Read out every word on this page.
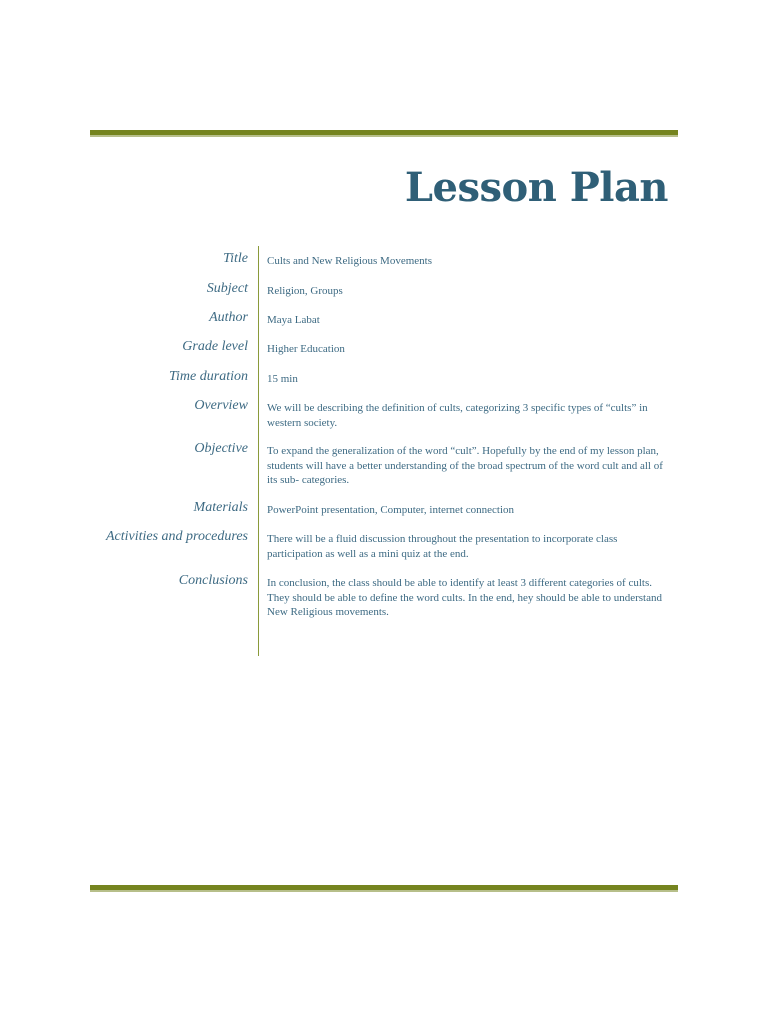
Lesson Plan
Title Cults and New Religious Movements
Subject Religion, Groups
Author Maya Labat
Grade level Higher Education
Time duration 15 min
Overview We will be describing the definition of cults, categorizing 3 specific types of “cults” in western society.
Objective To expand the generalization of the word “cult”. Hopefully by the end of my lesson plan, students will have a better understanding of the broad spectrum of the word cult and all of its sub- categories.
Materials PowerPoint presentation, Computer, internet connection
Activities and procedures There will be a fluid discussion throughout the presentation to incorporate class participation as well as a mini quiz at the end.
Conclusions In conclusion, the class should be able to identify at least 3 different categories of cults. They should be able to define the word cults. In the end, hey should be able to understand New Religious movements.
